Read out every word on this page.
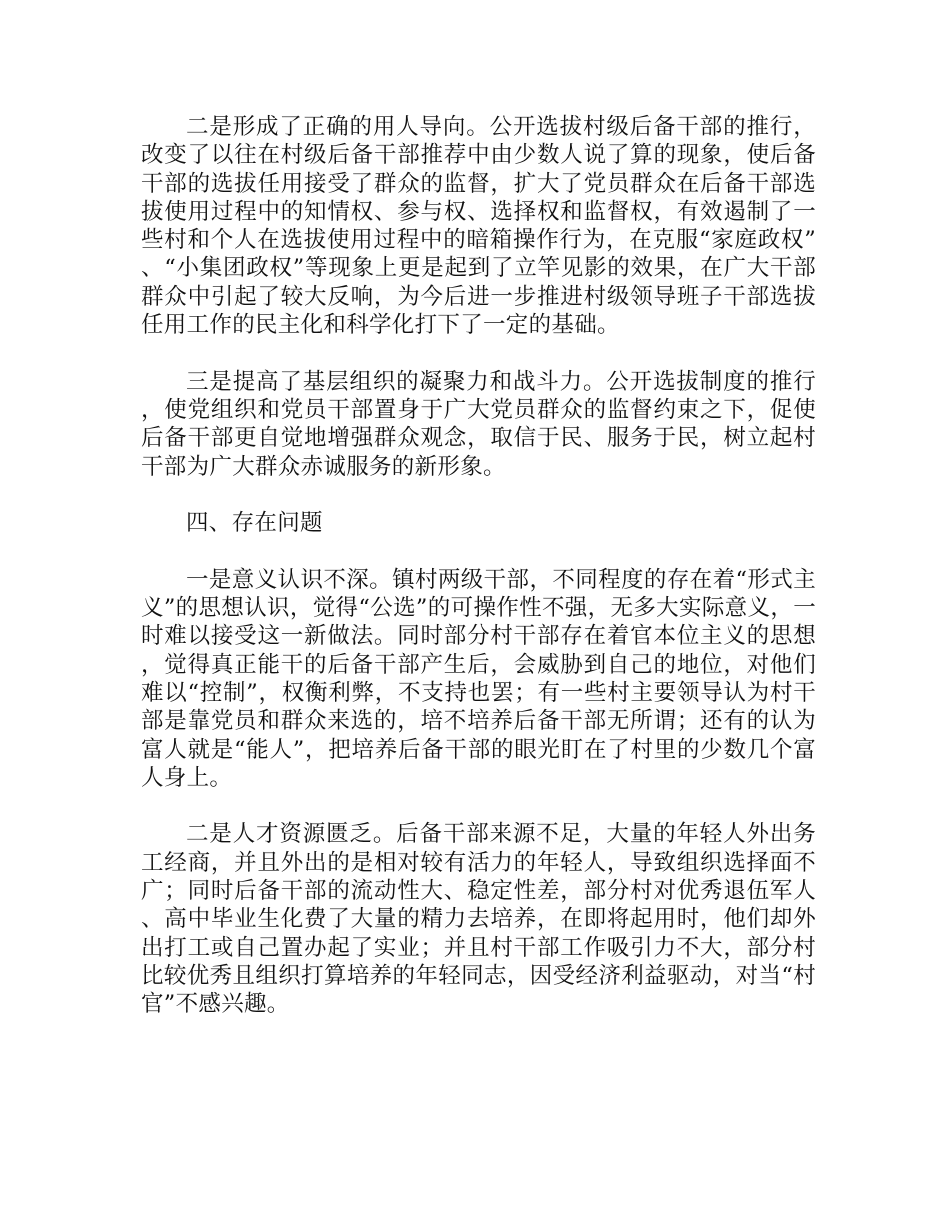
二是形成了正确的用人导向。公开选拔村级后备干部的推行，改变了以往在村级后备干部推荐中由少数人说了算的现象，使后备干部的选拔任用接受了群众的监督，扩大了党员群众在后备干部选拔使用过程中的知情权、参与权、选择权和监督权，有效遏制了一些村和个人在选拔使用过程中的暗箱操作行为，在克服“家庭政权”、“小集团政权”等现象上更是起到了立竿见影的效果，在广大干部群众中引起了较大反响，为今后进一步推进村级领导班子干部选拔任用工作的民主化和科学化打下了一定的基础。

三是提高了基层组织的凝聚力和战斗力。公开选拔制度的推行，使党组织和党员干部置身于广大党员群众的监督约束之下，促使后备干部更自觉地增强群众观念，取信于民、服务于民，树立起村干部为广大群众赤诚服务的新形象。

四、存在问题

一是意义认识不深。镇村两级干部，不同程度的存在着“形式主义”的思想认识，觉得“公选”的可操作性不强，无多大实际意义，一时难以接受这一新做法。同时部分村干部存在着官本位主义的思想，觉得真正能干的后备干部产生后，会威胁到自己的地位，对他们难以“控制”，权衡利弊，不支持也罢；有一些村主要领导认为村干部是靠党员和群众来选的，培不培养后备干部无所谓；还有的认为富人就是“能人”，把培养后备干部的眼光盯在了村里的少数几个富人身上。

二是人才资源匮乏。后备干部来源不足，大量的年轻人外出务工经商，并且外出的是相对较有活力的年轻人，导致组织选择面不广；同时后备干部的流动性大、稳定性差，部分村对优秀退伍军人、高中毕业生化费了大量的精力去培养，在即将起用时，他们却外出打工或自己置办起了实业；并且村干部工作吸引力不大，部分村比较优秀且组织打算培养的年轻同志，因受经济利益驱动，对当“村官”不感兴趣。
